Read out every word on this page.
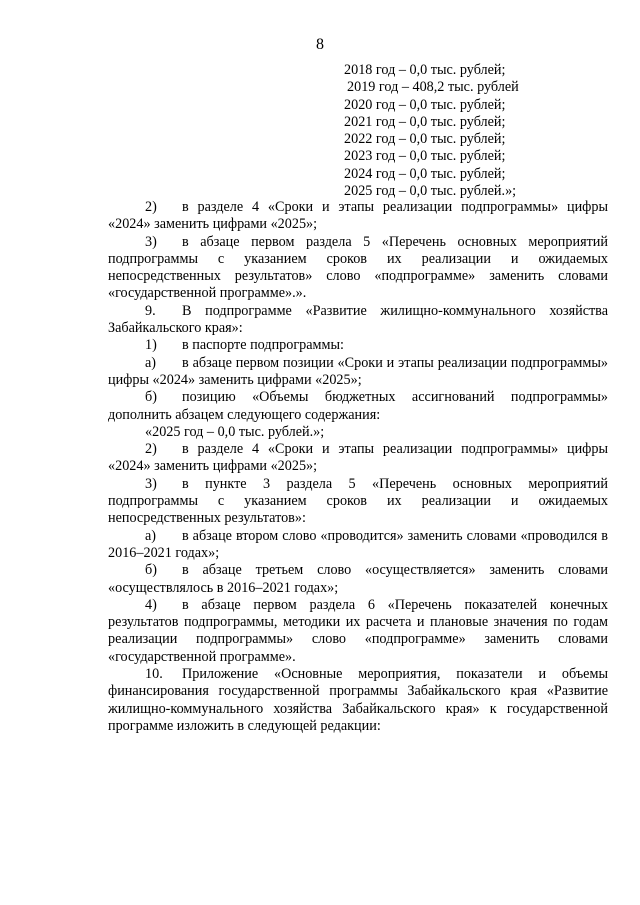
8
2018 год – 0,0 тыс. рублей;
2019 год – 408,2 тыс. рублей
2020 год – 0,0 тыс. рублей;
2021 год – 0,0 тыс. рублей;
2022 год – 0,0 тыс. рублей;
2023 год – 0,0 тыс. рублей;
2024 год – 0,0 тыс. рублей;
2025 год – 0,0 тыс. рублей.»;

2) в разделе 4 «Сроки и этапы реализации подпрограммы» цифры «2024» заменить цифрами «2025»;

3) в абзаце первом раздела 5 «Перечень основных мероприятий подпрограммы с указанием сроков их реализации и ожидаемых непосредственных результатов» слово «подпрограмме» заменить словами «государственной программе».».

9. В подпрограмме «Развитие жилищно-коммунального хозяйства Забайкальского края»:

1) в паспорте подпрограммы:

а) в абзаце первом позиции «Сроки и этапы реализации подпрограммы» цифры «2024» заменить цифрами «2025»;

б) позицию «Объемы бюджетных ассигнований подпрограммы» дополнить абзацем следующего содержания:

«2025 год – 0,0 тыс. рублей.»;

2) в разделе 4 «Сроки и этапы реализации подпрограммы» цифры «2024» заменить цифрами «2025»;

3) в пункте 3 раздела 5 «Перечень основных мероприятий подпрограммы с указанием сроков их реализации и ожидаемых непосредственных результатов»:

а) в абзаце втором слово «проводится» заменить словами «проводился в 2016–2021 годах»;

б) в абзаце третьем слово «осуществляется» заменить словами «осуществлялось в 2016–2021 годах»;

4) в абзаце первом раздела 6 «Перечень показателей конечных результатов подпрограммы, методики их расчета и плановые значения по годам реализации подпрограммы» слово «подпрограмме» заменить словами «государственной программе».

10. Приложение «Основные мероприятия, показатели и объемы финансирования государственной программы Забайкальского края «Развитие жилищно-коммунального хозяйства Забайкальского края» к государственной программе изложить в следующей редакции:
